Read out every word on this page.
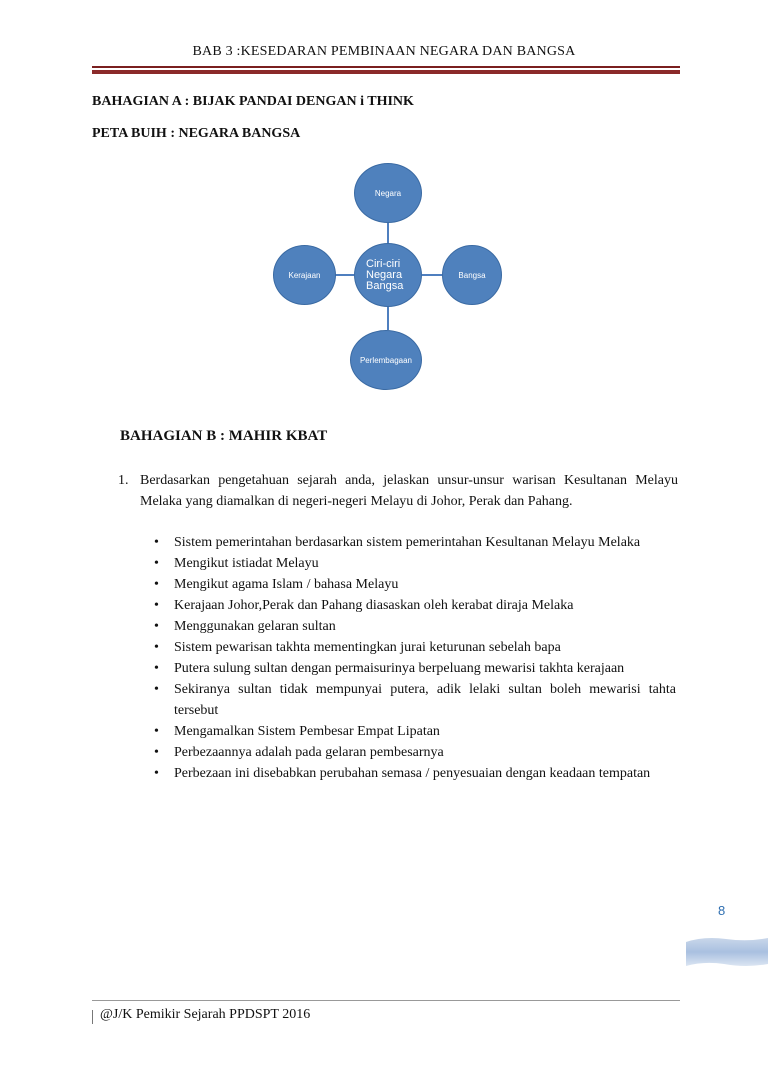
BAB 3 :KESEDARAN PEMBINAAN NEGARA DAN BANGSA
BAHAGIAN A : BIJAK PANDAI DENGAN i THINK
PETA BUIH : NEGARA BANGSA
Negara
Ciri-ciri
Negara
Bangsa
Bangsa
Kerajaan
Perlembagaan
BAHAGIAN B : MAHIR KBAT
1. Berdasarkan pengetahuan sejarah anda, jelaskan unsur-unsur warisan Kesultanan Melayu Melaka yang diamalkan di negeri-negeri Melayu di Johor, Perak dan Pahang.
• Sistem pemerintahan berdasarkan sistem pemerintahan Kesultanan Melayu Melaka
• Mengikut istiadat Melayu
• Mengikut agama Islam / bahasa Melayu
• Kerajaan Johor,Perak dan Pahang diasaskan oleh kerabat diraja Melaka
• Menggunakan gelaran sultan
• Sistem pewarisan takhta mementingkan jurai keturunan sebelah bapa
• Putera sulung sultan dengan permaisurinya berpeluang mewarisi takhta kerajaan
• Sekiranya sultan tidak mempunyai putera, adik lelaki sultan boleh mewarisi tahta tersebut
• Mengamalkan Sistem Pembesar Empat Lipatan
• Perbezaannya adalah pada gelaran pembesarnya
• Perbezaan ini disebabkan perubahan semasa / penyesuaian dengan keadaan tempatan
8
@J/K Pemikir Sejarah PPDSPT 2016
